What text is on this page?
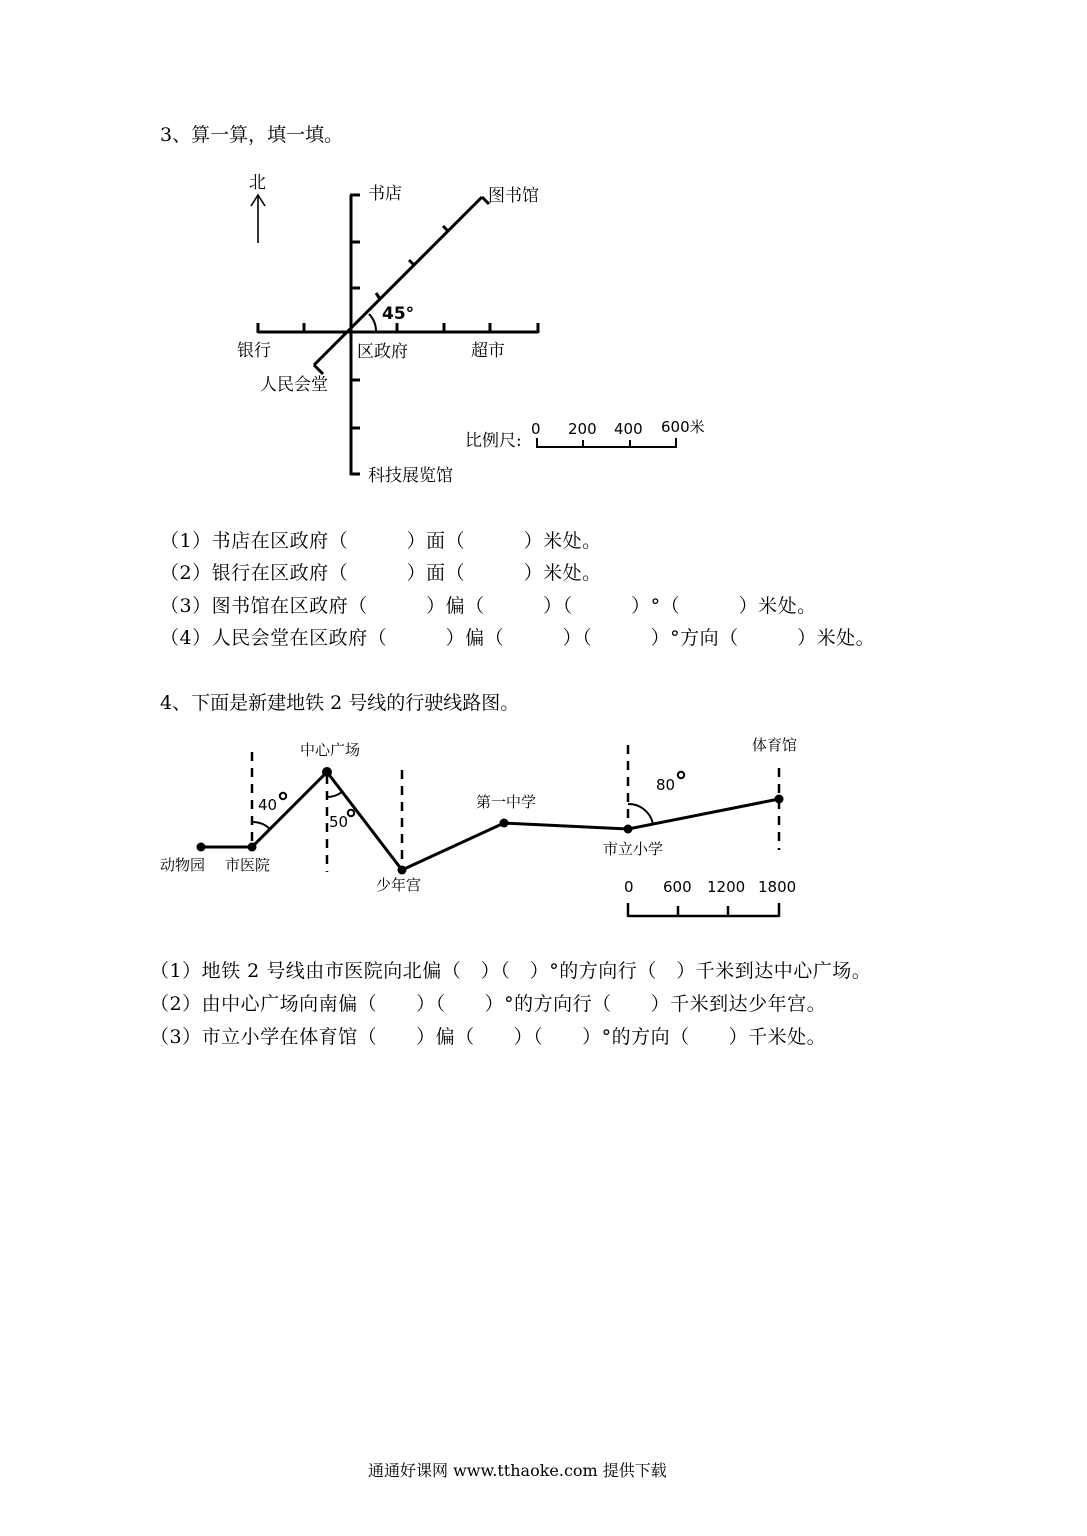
3、算一算，填一填。
北
书店	图书馆
45°
银行	区政府	超市
人民会堂
科技展览馆
比例尺:
0 200 400 600米
（1）书店在区政府（　　　）面（　　　）米处。
（2）银行在区政府（　　　）面（　　　）米处。
（3）图书馆在区政府（　　　）偏（　　　）（　　　）°（　　　）米处。
（4）人民会堂在区政府（　　　）偏（　　　）（　　　）°方向（　　　）米处。
4、下面是新建地铁 2 号线的行驶线路图。
中心广场	体育馆
第一中学
市立小学
少年宫
动物园 市医院
40
50
80
0 600 1200 1800
（1）地铁 2 号线由市医院向北偏（　）（　）°的方向行（　）千米到达中心广场。
（2）由中心广场向南偏（　　）（　　）°的方向行（　　）千米到达少年宫。
（3）市立小学在体育馆（　　）偏（　　）（　　）°的方向（　　）千米处。
通通好课网 www.tthaoke.com 提供下载
